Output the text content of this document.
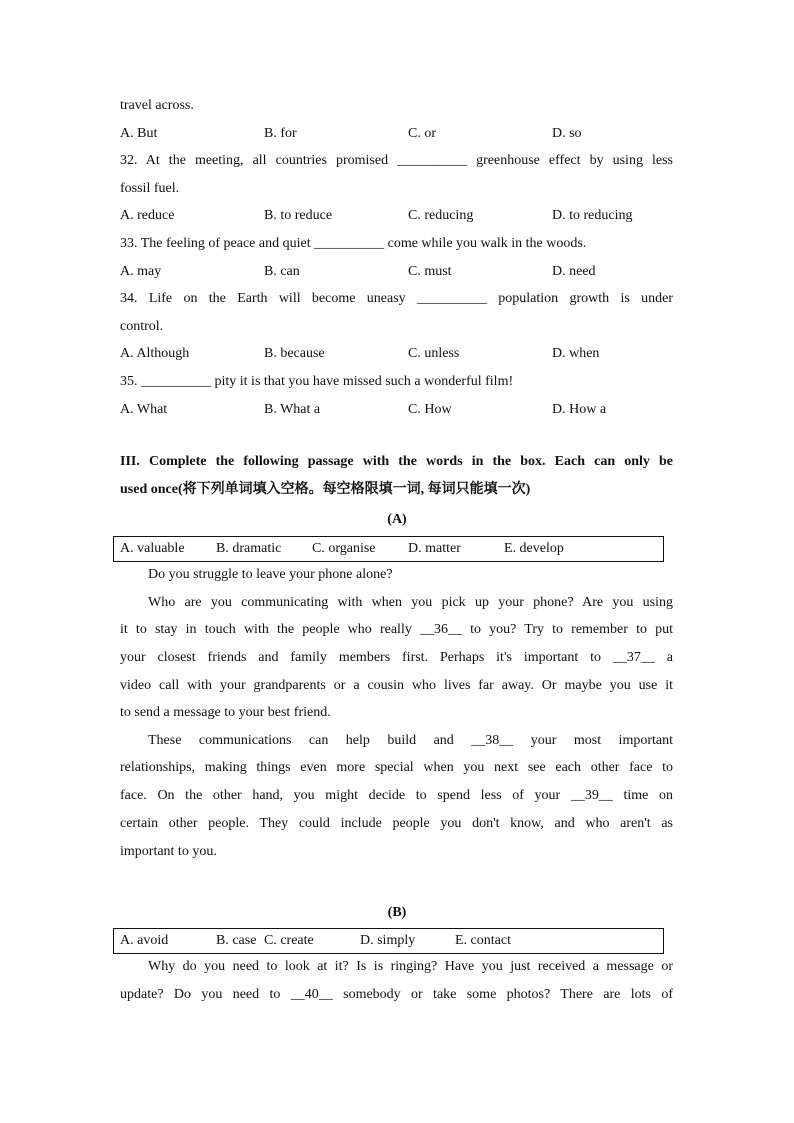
travel across.
A. But	B. for	C. or	D. so
32. At the meeting, all countries promised __________ greenhouse effect by using less
fossil fuel.
A. reduce	B. to reduce	C. reducing	D. to reducing
33. The feeling of peace and quiet __________ come while you walk in the woods.
A. may	B. can	C. must	D. need
34. Life on the Earth will become uneasy __________ population growth is under
control.
A. Although	B. because	C. unless	D. when
35. __________ pity it is that you have missed such a wonderful film!
A. What	B. What a	C. How	D. How a
III. Complete the following passage with the words in the box. Each can only be
used once(将下列单词填入空格。每空格限填一词, 每词只能填一次)
(A)
A. valuable B. dramatic C. organise D. matter	E. develop
Do you struggle to leave your phone alone?
Who are you communicating with when you pick up your phone? Are you using
it to stay in touch with the people who really __36__ to you? Try to remember to put
your closest friends and family members first. Perhaps it's important to __37__ a
video call with your grandparents or a cousin who lives far away. Or maybe you use it
to send a message to your best friend.
These communications can help build and __38__ your most important
relationships, making things even more special when you next see each other face to
face. On the other hand, you might decide to spend less of your __39__ time on
certain other people. They could include people you don't know, and who aren't as
important to you.
(B)
A. avoid	B. case C. create	D. simply	E. contact
Why do you need to look at it? Is is ringing? Have you just received a message or
update? Do you need to __40__ somebody or take some photos? There are lots of
